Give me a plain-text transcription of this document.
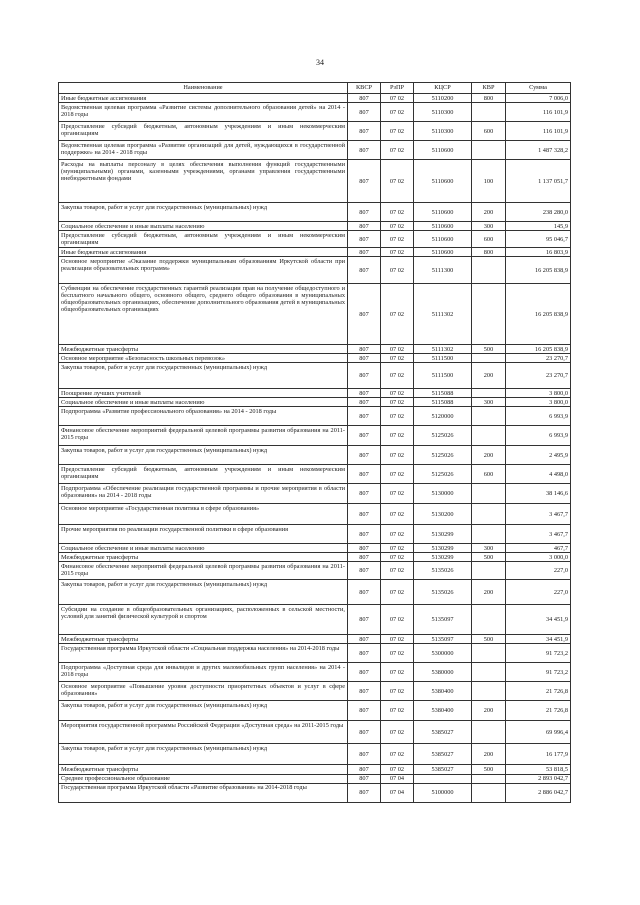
34
Наименование	КВСР	РзПР	КЦСР	КВР	Сумма
Иные бюджетные ассигнования	807	07 02	5110200	800	7 006,0
Ведомственная целевая программа «Развитие системы дополнительного образования детей» на 2014 - 2018 годы	807	07 02	5110300		116 101,9
Предоставление субсидий бюджетным, автономным учреждениям и иным некоммерческим организациям	807	07 02	5110300	600	116 101,9
Ведомственная целевая программа «Развитие организаций для детей, нуждающихся в государственной поддержке» на 2014 - 2018 годы	807	07 02	5110600		1 487 328,2
Расходы на выплаты персоналу в целях обеспечения выполнения функций государственными (муниципальными) органами, казенными учреждениями, органами управления государственными внебюджетными фондами	807	07 02	5110600	100	1 137 051,7
Закупка товаров, работ и услуг для государственных (муниципальных) нужд	807	07 02	5110600	200	238 280,0
Социальное обеспечение и иные выплаты населению	807	07 02	5110600	300	145,9
Предоставление субсидий бюджетным, автономным учреждениям и иным некоммерческим организациям	807	07 02	5110600	600	95 046,7
Иные бюджетные ассигнования	807	07 02	5110600	800	16 803,9
Основное мероприятие «Оказание поддержки муниципальным образованиям Иркутской области при реализации образовательных программ»	807	07 02	5111300		16 205 838,9
Субвенции на обеспечение государственных гарантий реализации прав на получение общедоступного и бесплатного начального общего, основного общего, среднего общего образования в муниципальных общеобразовательных организациях, обеспечение дополнительного образования детей в муниципальных общеобразовательных организациях	807	07 02	5111302		16 205 838,9
Межбюджетные трансферты	807	07 02	5111302	500	16 205 838,9
Основное мероприятие «Безопасность школьных перевозок»	807	07 02	5111500		23 270,7
Закупка товаров, работ и услуг для государственных (муниципальных) нужд	807	07 02	5111500	200	23 270,7
Поощрение лучших учителей	807	07 02	5115088		3 800,0
Социальное обеспечение и иные выплаты населению	807	07 02	5115088	300	3 800,0
Подпрограмма «Развитие профессионального образования» на 2014 - 2018 годы	807	07 02	5120000		6 993,9
Финансовое обеспечение мероприятий федеральной целевой программы развития образования на 2011-2015 годы	807	07 02	5125026		6 993,9
Закупка товаров, работ и услуг для государственных (муниципальных) нужд	807	07 02	5125026	200	2 495,9
Предоставление субсидий бюджетным, автономным учреждениям и иным некоммерческим организациям	807	07 02	5125026	600	4 498,0
Подпрограмма «Обеспечение реализации государственной программы и прочие мероприятия в области образования» на 2014 - 2018 годы	807	07 02	5130000		38 146,6
Основное мероприятие «Государственная политика в сфере образования»	807	07 02	5130200		3 467,7
Прочие мероприятия по реализации государственной политики в сфере образования	807	07 02	5130299		3 467,7
Социальное обеспечение и иные выплаты населению	807	07 02	5130299	300	467,7
Межбюджетные трансферты	807	07 02	5130299	500	3 000,0
Финансовое обеспечение мероприятий федеральной целевой программы развития образования на 2011-2015 годы	807	07 02	5135026		227,0
Закупка товаров, работ и услуг для государственных (муниципальных) нужд	807	07 02	5135026	200	227,0
Субсидии на создание в общеобразовательных организациях, расположенных в сельской местности, условий для занятий физической культурой и спортом	807	07 02	5135097		34 451,9
Межбюджетные трансферты	807	07 02	5135097	500	34 451,9
Государственная программа Иркутской области «Социальная поддержка населения» на 2014-2018 годы	807	07 02	5300000		91 723,2
Подпрограмма «Доступная среда для инвалидов и других маломобильных групп населения» на 2014 - 2018 годы	807	07 02	5380000		91 723,2
Основное мероприятие «Повышение уровня доступности приоритетных объектов и услуг в сфере образования»	807	07 02	5380400		21 726,8
Закупка товаров, работ и услуг для государственных (муниципальных) нужд	807	07 02	5380400	200	21 726,8
Мероприятия государственной программы Российской Федерации «Доступная среда» на 2011-2015 годы	807	07 02	5385027		69 996,4
Закупка товаров, работ и услуг для государственных (муниципальных) нужд	807	07 02	5385027	200	16 177,9
Межбюджетные трансферты	807	07 02	5385027	500	53 818,5
Среднее профессиональное образование	807	07 04			2 893 042,7
Государственная программа Иркутской области «Развитие образования» на 2014-2018 годы	807	07 04	5100000		2 886 042,7
